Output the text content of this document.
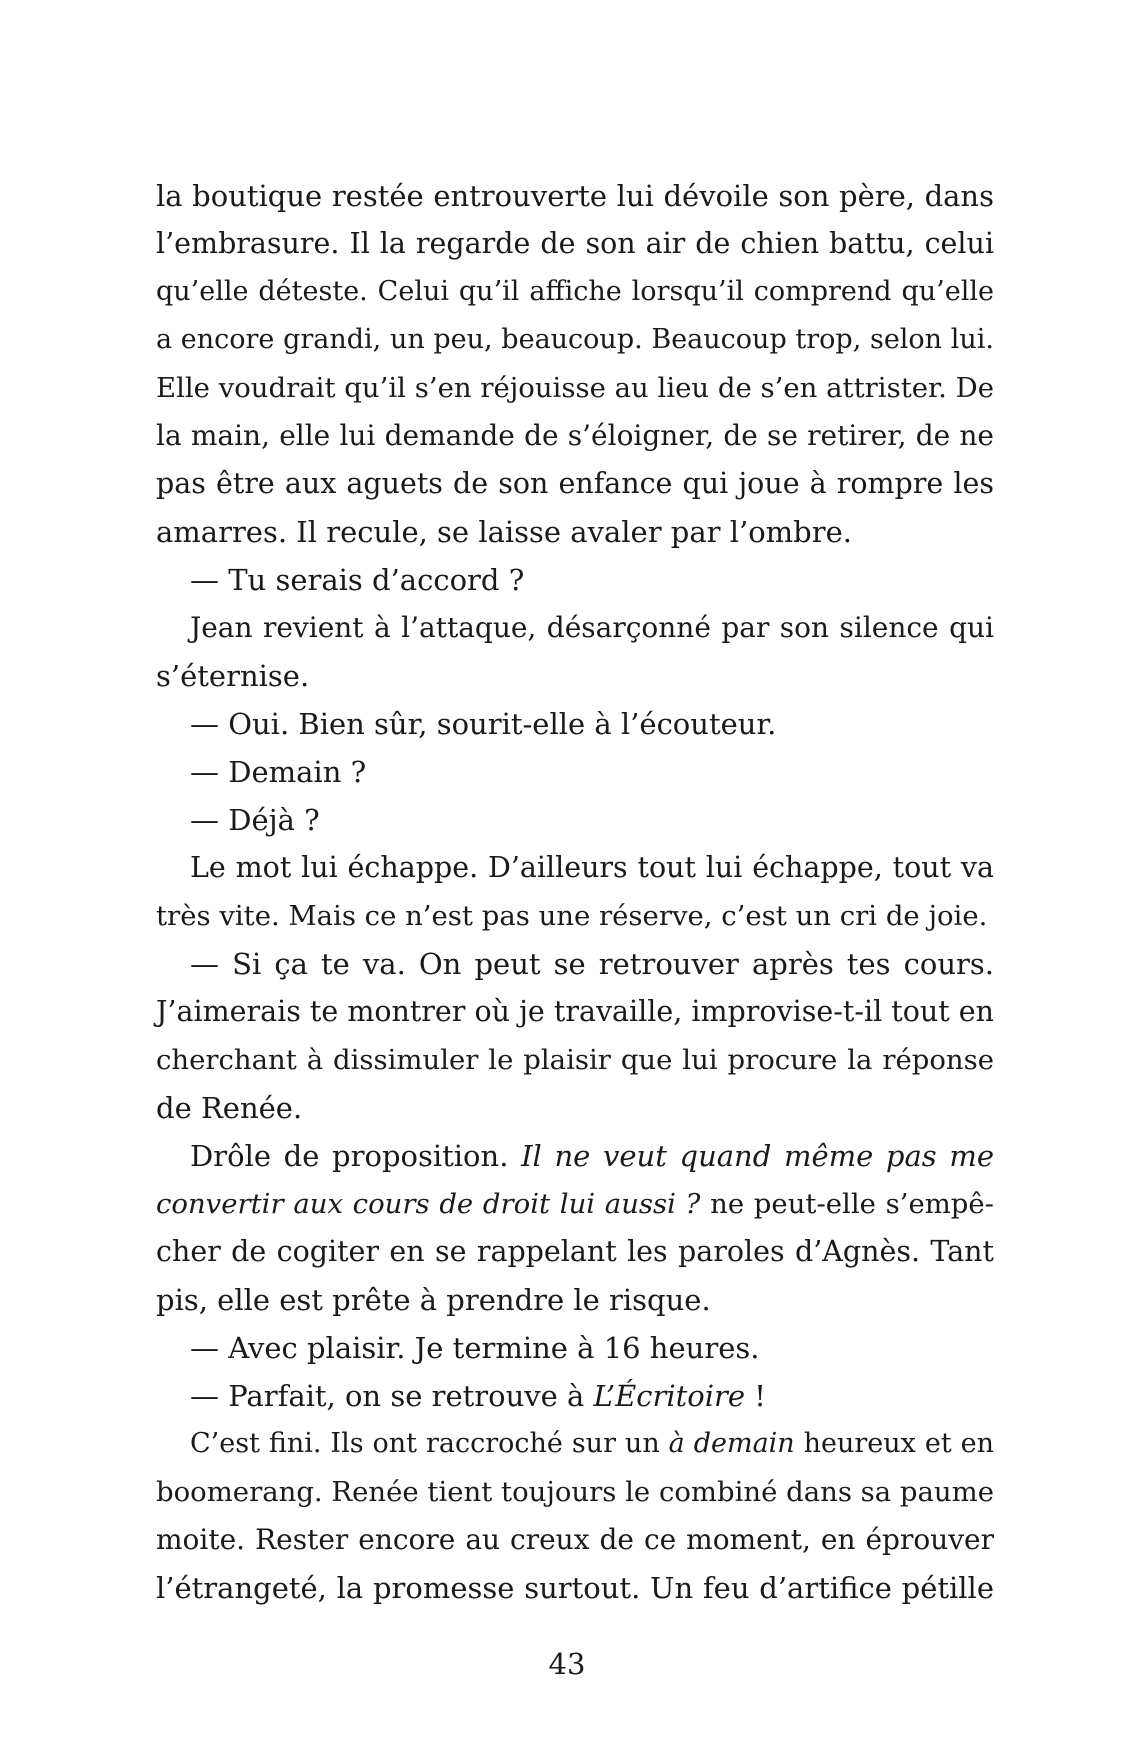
la boutique restée entrouverte lui dévoile son père, dans
l’embrasure. Il la regarde de son air de chien battu, celui
qu’elle déteste. Celui qu’il affiche lorsqu’il comprend qu’elle
a encore grandi, un peu, beaucoup. Beaucoup trop, selon lui.
Elle voudrait qu’il s’en réjouisse au lieu de s’en attrister. De
la main, elle lui demande de s’éloigner, de se retirer, de ne
pas être aux aguets de son enfance qui joue à rompre les
amarres. Il recule, se laisse avaler par l’ombre.
— Tu serais d’accord ?
Jean revient à l’attaque, désarçonné par son silence qui
s’éternise.
— Oui. Bien sûr, sourit-elle à l’écouteur.
— Demain ?
— Déjà ?
Le mot lui échappe. D’ailleurs tout lui échappe, tout va
très vite. Mais ce n’est pas une réserve, c’est un cri de joie.
— Si ça te va. On peut se retrouver après tes cours.
J’aimerais te montrer où je travaille, improvise-t-il tout en
cherchant à dissimuler le plaisir que lui procure la réponse
de Renée.
Drôle de proposition. Il ne veut quand même pas me
convertir aux cours de droit lui aussi ? ne peut-elle s’empê-
cher de cogiter en se rappelant les paroles d’Agnès. Tant
pis, elle est prête à prendre le risque.
— Avec plaisir. Je termine à 16 heures.
— Parfait, on se retrouve à L’Écritoire !
C’est fini. Ils ont raccroché sur un à demain heureux et en
boomerang. Renée tient toujours le combiné dans sa paume
moite. Rester encore au creux de ce moment, en éprouver
l’étrangeté, la promesse surtout. Un feu d’artifice pétille
43
